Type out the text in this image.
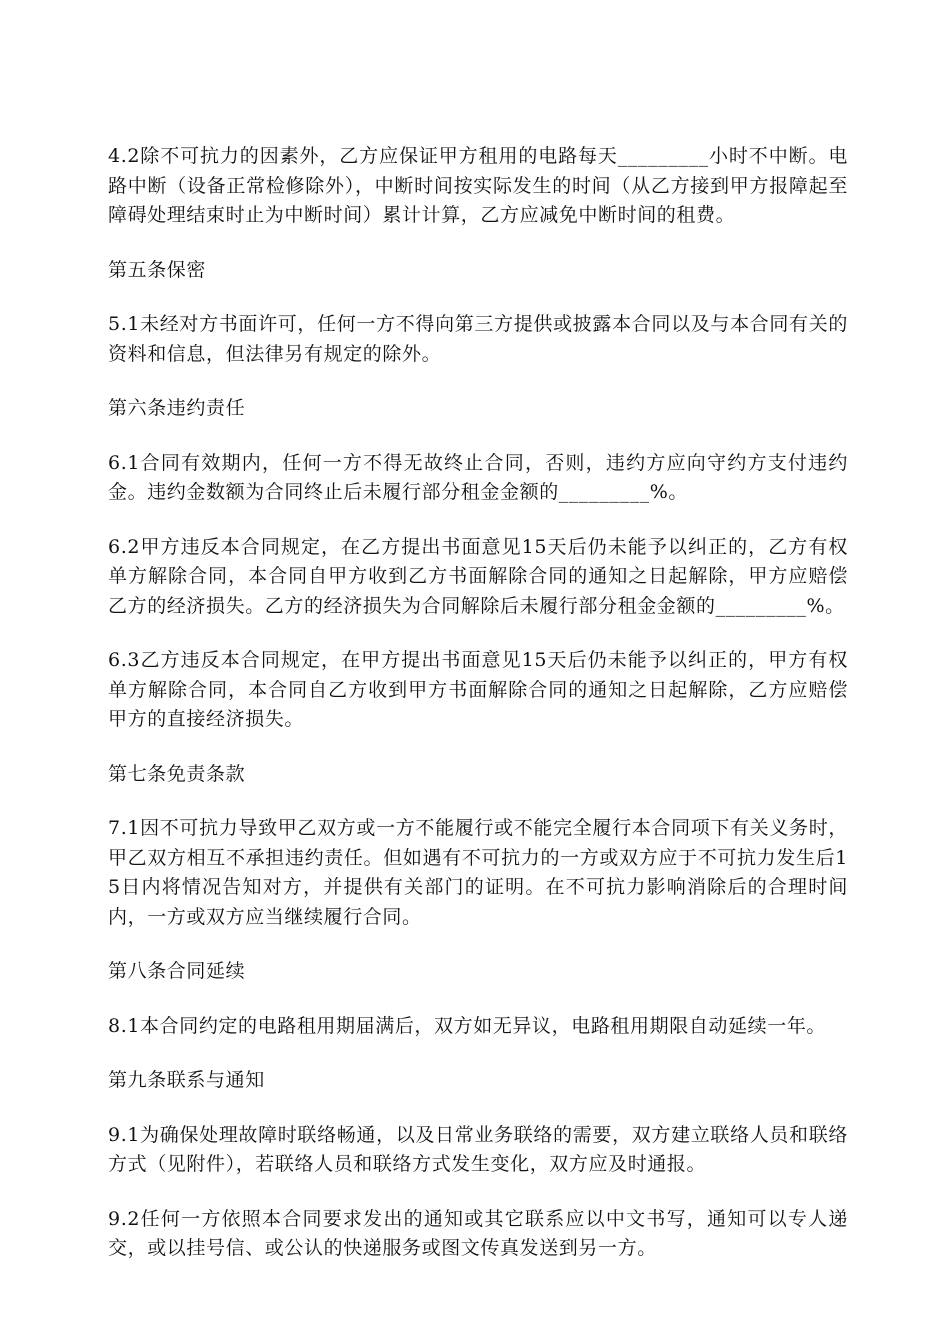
4.2除不可抗力的因素外，乙方应保证甲方租用的电路每天_________小时不中断。电路中断（设备正常检修除外），中断时间按实际发生的时间（从乙方接到甲方报障起至障碍处理结束时止为中断时间）累计计算，乙方应减免中断时间的租费。

第五条保密

5.1未经对方书面许可，任何一方不得向第三方提供或披露本合同以及与本合同有关的资料和信息，但法律另有规定的除外。

第六条违约责任

6.1合同有效期内，任何一方不得无故终止合同，否则，违约方应向守约方支付违约金。违约金数额为合同终止后未履行部分租金金额的_________%。

6.2甲方违反本合同规定，在乙方提出书面意见15天后仍未能予以纠正的，乙方有权单方解除合同，本合同自甲方收到乙方书面解除合同的通知之日起解除，甲方应赔偿乙方的经济损失。乙方的经济损失为合同解除后未履行部分租金金额的_________%。

6.3乙方违反本合同规定，在甲方提出书面意见15天后仍未能予以纠正的，甲方有权单方解除合同，本合同自乙方收到甲方书面解除合同的通知之日起解除，乙方应赔偿甲方的直接经济损失。

第七条免责条款

7.1因不可抗力导致甲乙双方或一方不能履行或不能完全履行本合同项下有关义务时，甲乙双方相互不承担违约责任。但如遇有不可抗力的一方或双方应于不可抗力发生后15日内将情况告知对方，并提供有关部门的证明。在不可抗力影响消除后的合理时间内，一方或双方应当继续履行合同。

第八条合同延续

8.1本合同约定的电路租用期届满后，双方如无异议，电路租用期限自动延续一年。

第九条联系与通知

9.1为确保处理故障时联络畅通，以及日常业务联络的需要，双方建立联络人员和联络方式（见附件），若联络人员和联络方式发生变化，双方应及时通报。

9.2任何一方依照本合同要求发出的通知或其它联系应以中文书写，通知可以专人递交，或以挂号信、或公认的快递服务或图文传真发送到另一方。
